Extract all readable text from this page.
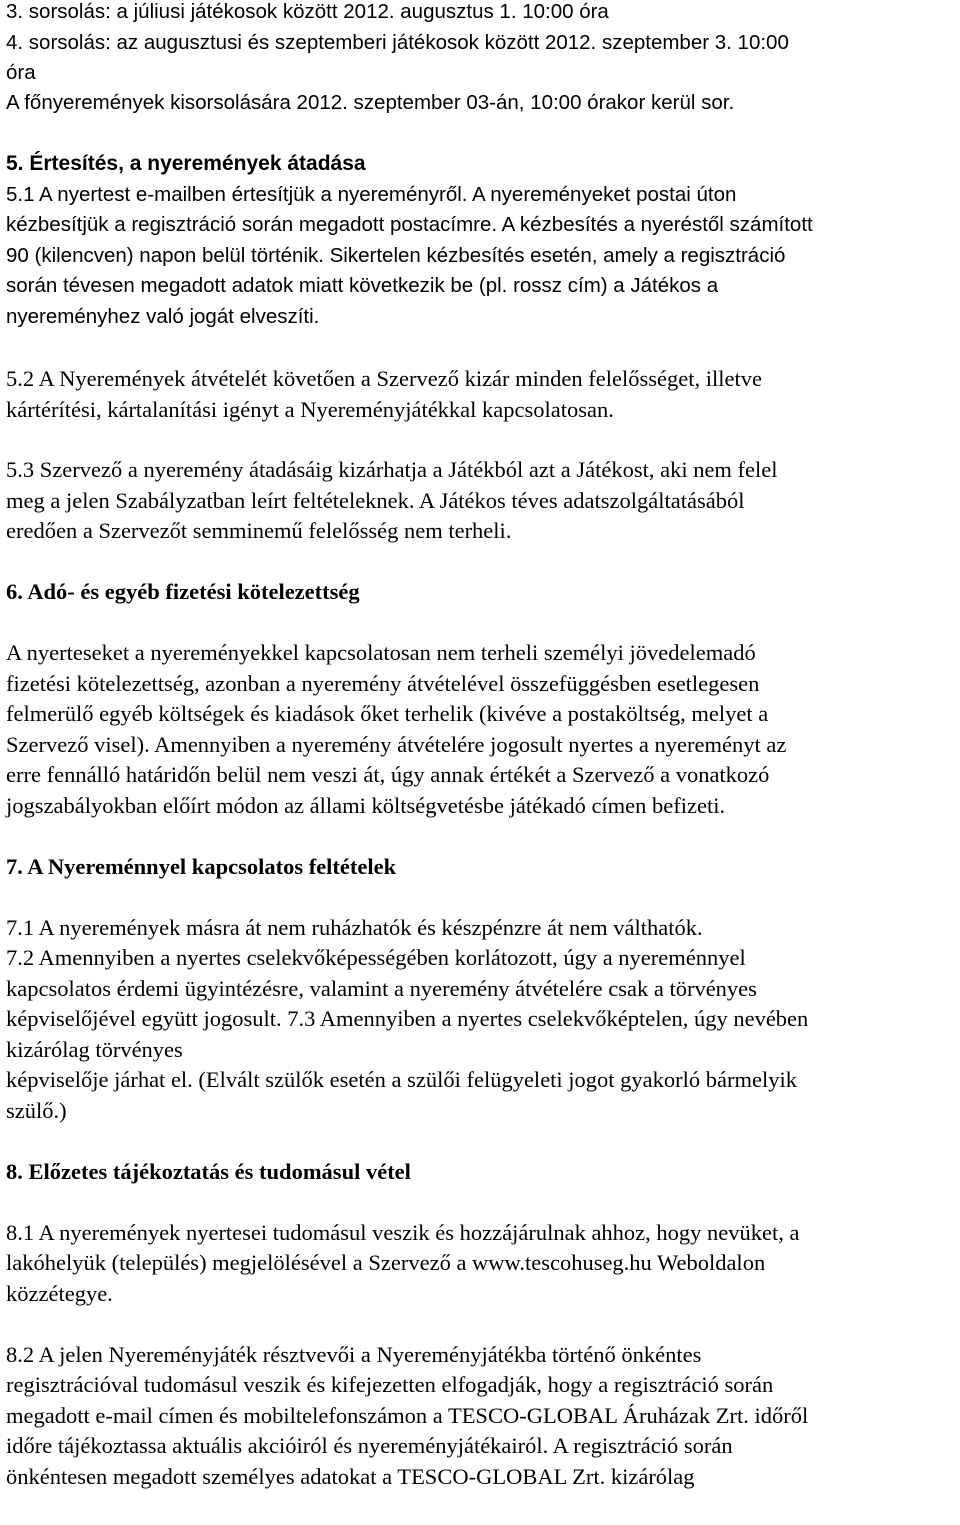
3. sorsolás: a júliusi játékosok között 2012. augusztus 1. 10:00 óra
4. sorsolás: az augusztusi és szeptemberi játékosok között 2012. szeptember 3. 10:00
óra
A főnyeremények kisorsolására 2012. szeptember 03-án, 10:00 órakor kerül sor.
5. Értesítés, a nyeremények átadása
5.1 A nyertest e-mailben értesítjük a nyereményről. A nyereményeket postai úton
kézbesítjük a regisztráció során megadott postacímre. A kézbesítés a nyeréstől számított
90 (kilencven) napon belül történik. Sikertelen kézbesítés esetén, amely a regisztráció
során tévesen megadott adatok miatt következik be (pl. rossz cím) a Játékos a
nyereményhez való jogát elveszíti.
5.2 A Nyeremények átvételét követően a Szervező kizár minden felelősséget, illetve
kártérítési, kártalanítási igényt a Nyereményjátékkal kapcsolatosan.
5.3 Szervező a nyeremény átadásáig kizárhatja a Játékból azt a Játékost, aki nem felel
meg a jelen Szabályzatban leírt feltételeknek. A Játékos téves adatszolgáltatásából
eredően a Szervezőt semminemű felelősség nem terheli.
6. Adó- és egyéb fizetési kötelezettség
A nyerteseket a nyereményekkel kapcsolatosan nem terheli személyi jövedelemadó
fizetési kötelezettség, azonban a nyeremény átvételével összefüggésben esetlegesen
felmerülő egyéb költségek és kiadások őket terhelik (kivéve a postaköltség, melyet a
Szervező visel). Amennyiben a nyeremény átvételére jogosult nyertes a nyereményt az
erre fennálló határidőn belül nem veszi át, úgy annak értékét a Szervező a vonatkozó
jogszabályokban előírt módon az állami költségvetésbe játékadó címen befizeti.
7. A Nyereménnyel kapcsolatos feltételek
7.1 A nyeremények másra át nem ruházhatók és készpénzre át nem válthatók.
7.2 Amennyiben a nyertes cselekvőképességében korlátozott, úgy a nyereménnyel
kapcsolatos érdemi ügyintézésre, valamint a nyeremény átvételére csak a törvényes
képviselőjével együtt jogosult. 7.3 Amennyiben a nyertes cselekvőképtelen, úgy nevében
kizárólag törvényes
képviselője járhat el. (Elvált szülők esetén a szülői felügyeleti jogot gyakorló bármelyik
szülő.)
8. Előzetes tájékoztatás és tudomásul vétel
8.1 A nyeremények nyertesei tudomásul veszik és hozzájárulnak ahhoz, hogy nevüket, a
lakóhelyük (település) megjelölésével a Szervező a www.tescohuseg.hu Weboldalon
közzétegye.
8.2 A jelen Nyereményjáték résztvevői a Nyereményjátékba történő önkéntes
regisztrációval tudomásul veszik és kifejezetten elfogadják, hogy a regisztráció során
megadott e-mail címen és mobiltelefonszámon a TESCO-GLOBAL Áruházak Zrt. időről
időre tájékoztassa aktuális akcióiról és nyereményjátékairól. A regisztráció során
önkéntesen megadott személyes adatokat a TESCO-GLOBAL Zrt. kizárólag
